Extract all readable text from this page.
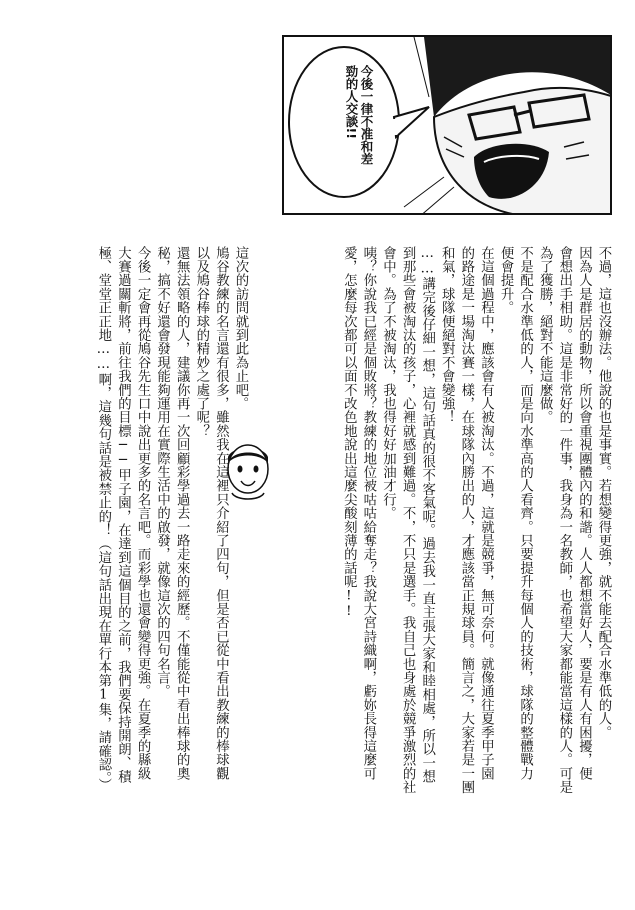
今後一律不准和差勁的人交談!!

不過，這也沒辦法。他說的也是事實。若想變得更強，就不能去配合水準低的人。

因為人是群居的動物，所以會重視團體內的和諧。人人都想當好人，要是有人有困擾，便

會想出手相助。這是非常好的一件事，我身為一名教師，也希望大家都能當這樣的人。可是

為了獲勝，絕對不能這麼做。

不是配合水準低的人，而是向水準高的人看齊。只要提升每個人的技術，球隊的整體戰力

便會提升。

在這個過程中，應該會有人被淘汰。不過，這就是競爭，無可奈何。就像通往夏季甲子園

的路途是一場淘汰賽一樣，在球隊內勝出的人，才應該當正規球員。簡言之，大家若是一團

和氣，球隊便絕對不會變強！

……講完後仔細一想，這句話真的很不客氣呢。過去我一直主張大家和睦相處，所以一想

到那些會被淘汰的孩子，心裡就感到難過。不，不只是選手。我自己也身處於競爭激烈的社

會中。為了不被淘汰，我也得好好加油才行。

咦？你說我已經是個敗將？教練的地位被咕咕給奪走？我說大宮詩織啊，虧妳長得這麼可

愛，怎麼每次都可以面不改色地說出這麼尖酸刻薄的話呢!!

這次的訪問就到此為止吧。

鳩谷教練的名言還有很多，雖然我在這裡只介紹了四句，但是否已從中看出教練的棒球觀

以及鳩谷棒球的精妙之處了呢？

還無法領略的人，建議你再一次回顧彩學過去一路走來的經歷。不僅能從中看出棒球的奧

秘，搞不好還會發現能夠運用在實際生活中的啟發，就像這次的四句名言。

今後一定會再從鳩谷先生口中說出更多的名言吧。而彩學也還會變得更強。在夏季的縣級

大賽過關斬將，前往我們的目標──甲子園，在達到這個目的之前，我們要保持開朗、積

極、堂堂正正地……啊，這幾句話是被禁止的！（這句話出現在單行本第1集，請確認。）
